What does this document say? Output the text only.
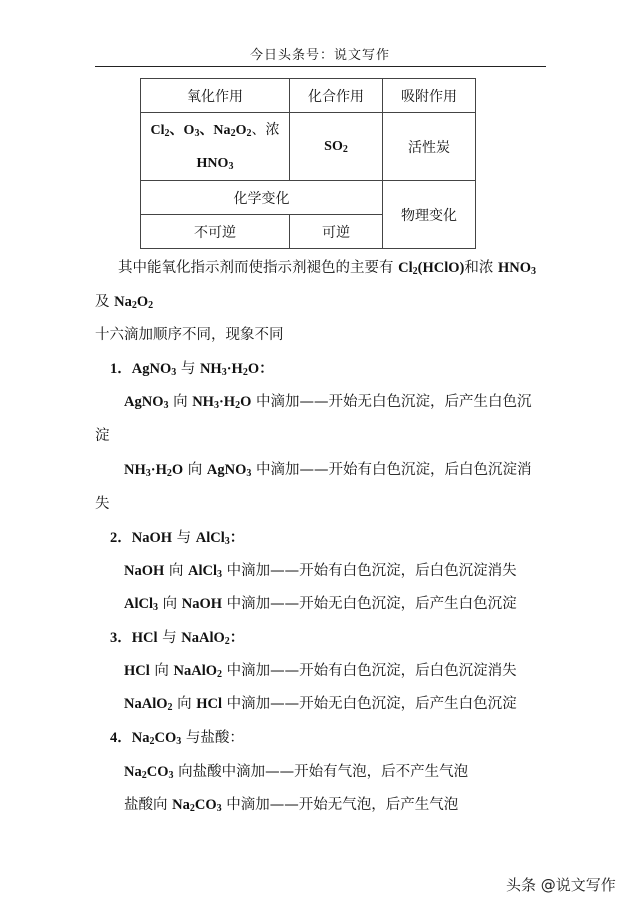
今日头条号：说文写作
氧化作用	化合作用	吸附作用
$Cl_2$、$O_3$、$Na_2O_2$、浓
$HNO_3$	$SO_2$	活性炭
化学变化		物理变化
不可逆	可逆	
其中能氧化指示剂而使指示剂褪色的主要有 $Cl_2(HClO)$和浓 $HNO_3$
及 $Na_2O_2$
十六滴加顺序不同，现象不同
1．AgNO$_3$ 与 $NH_3\cdot H_2O$：
AgNO$_3$ 向 $NH_3\cdot H_2O$ 中滴加——开始无白色沉淀，后产生白色沉
淀
$NH_3\cdot H_2O$ 向 AgNO$_3$ 中滴加——开始有白色沉淀，后白色沉淀消
失
2．NaOH 与 AlCl$_3$：
NaOH 向 AlCl$_3$ 中滴加——开始有白色沉淀，后白色沉淀消失
AlCl$_3$ 向 NaOH 中滴加——开始无白色沉淀，后产生白色沉淀
3．HCl 与 NaAlO$_2$：
HCl 向 NaAlO$_2$ 中滴加——开始有白色沉淀，后白色沉淀消失
NaAlO$_2$ 向 HCl 中滴加——开始无白色沉淀，后产生白色沉淀
4．$Na_2CO_3$ 与盐酸：
$Na_2CO_3$ 向盐酸中滴加——开始有气泡，后不产生气泡
盐酸向 $Na_2CO_3$ 中滴加——开始无气泡，后产生气泡
头条 @说文写作
